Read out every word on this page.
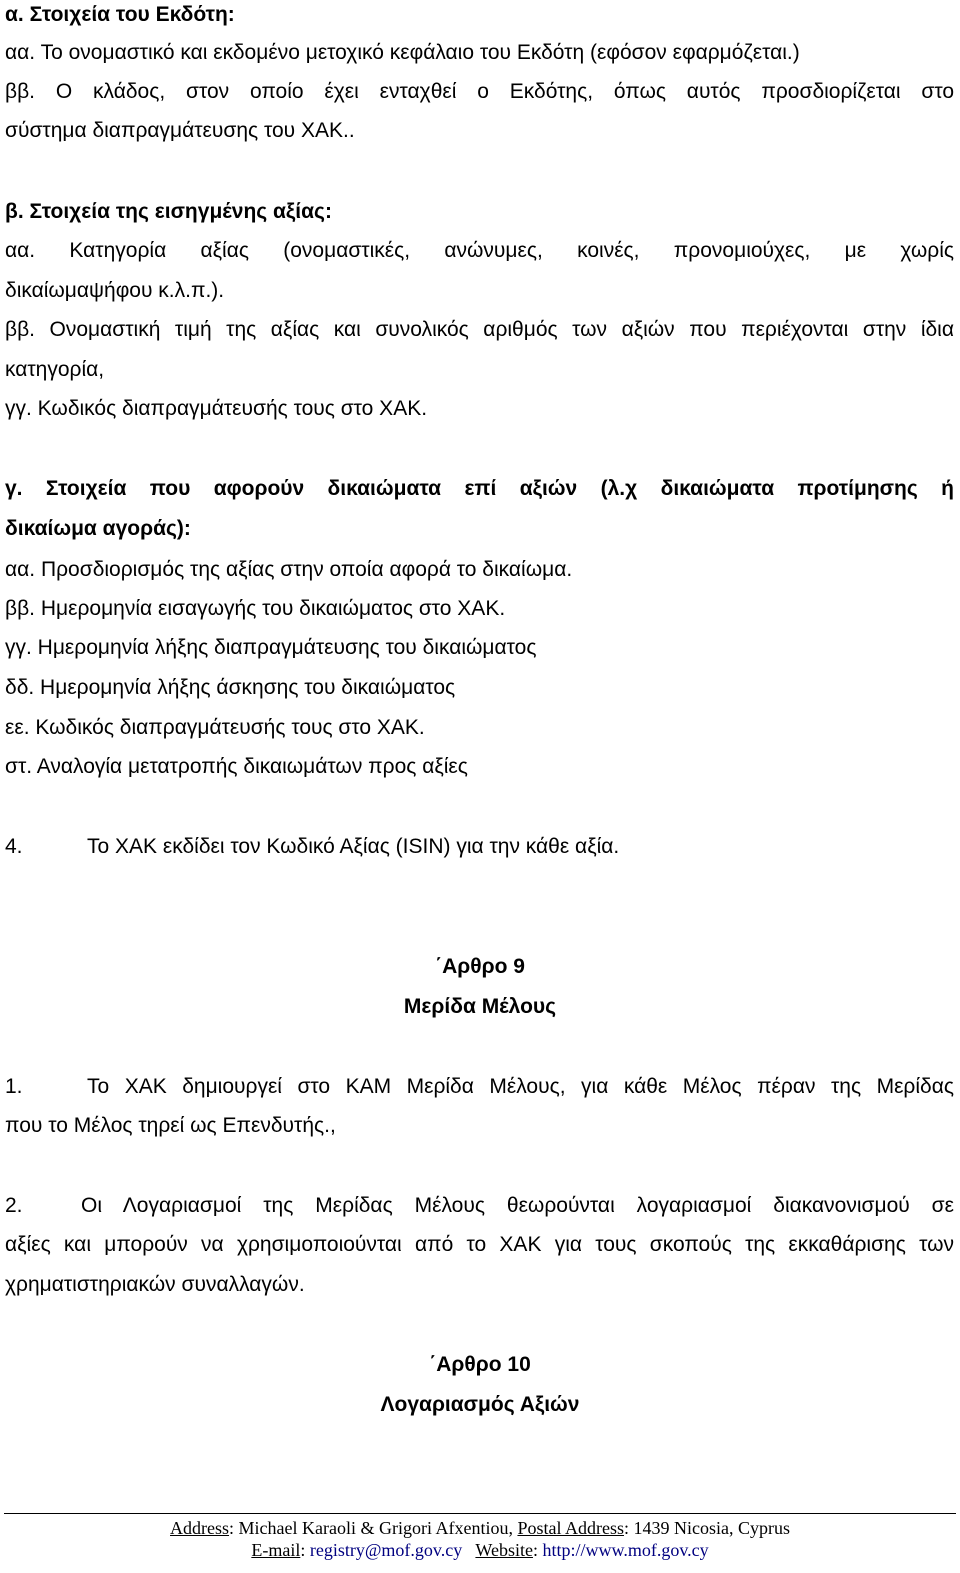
α. Στοιχεία του Εκδότη:
αα. Το ονομαστικό και εκδομένο μετοχικό κεφάλαιο του Εκδότη (εφόσον εφαρμόζεται.)
ββ. Ο κλάδος, στον οποίο έχει ενταχθεί ο Εκδότης, όπως αυτός προσδιορίζεται στο
σύστημα διαπραγμάτευσης του ΧΑΚ..
β. Στοιχεία της εισηγμένης αξίας:
αα. Κατηγορία αξίας (ονομαστικές, ανώνυμες, κοινές, προνομιούχες, με χωρίς
δικαίωμαψήφου κ.λ.π.).
ββ. Ονομαστική τιμή της αξίας και συνολικός αριθμός των αξιών που περιέχονται στην ίδια
κατηγορία,
γγ. Κωδικός διαπραγμάτευσής τους στο ΧΑΚ.
γ. Στοιχεία που αφορούν δικαιώματα επί αξιών (λ.χ δικαιώματα προτίμησης ή
δικαίωμα αγοράς):
αα. Προσδιορισμός της αξίας στην οποία αφορά το δικαίωμα.
ββ. Ημερομηνία εισαγωγής του δικαιώματος στο ΧΑΚ.
γγ. Ημερομηνία λήξης διαπραγμάτευσης του δικαιώματος
δδ. Ημερομηνία λήξης άσκησης του δικαιώματος
εε. Κωδικός διαπραγμάτευσής τους στο ΧΑΚ.
στ. Αναλογία μετατροπής δικαιωμάτων προς αξίες
4.	Το ΧΑΚ εκδίδει τον Κωδικό Αξίας (ISIN) για την κάθε αξία.
΄Αρθρο 9
Μερίδα Μέλους
1.	Το ΧΑΚ δημιουργεί στο ΚΑΜ Μερίδα Μέλους, για κάθε Μέλος πέραν της Μερίδας
που το Μέλος τηρεί ως Επενδυτής.,
2.	Οι Λογαριασμοί της Μερίδας Μέλους θεωρούνται λογαριασμοί διακανονισμού σε
αξίες και μπορούν να χρησιμοποιούνται από το ΧΑΚ για τους σκοπούς της εκκαθάρισης των
χρηματιστηριακών συναλλαγών.
΄Αρθρο 10
Λογαριασμός Αξιών
Address: Michael Karaoli & Grigori Afxentiou, Postal Address: 1439 Nicosia, Cyprus
E-mail: registry@mof.gov.cy Website: http://www.mof.gov.cy
